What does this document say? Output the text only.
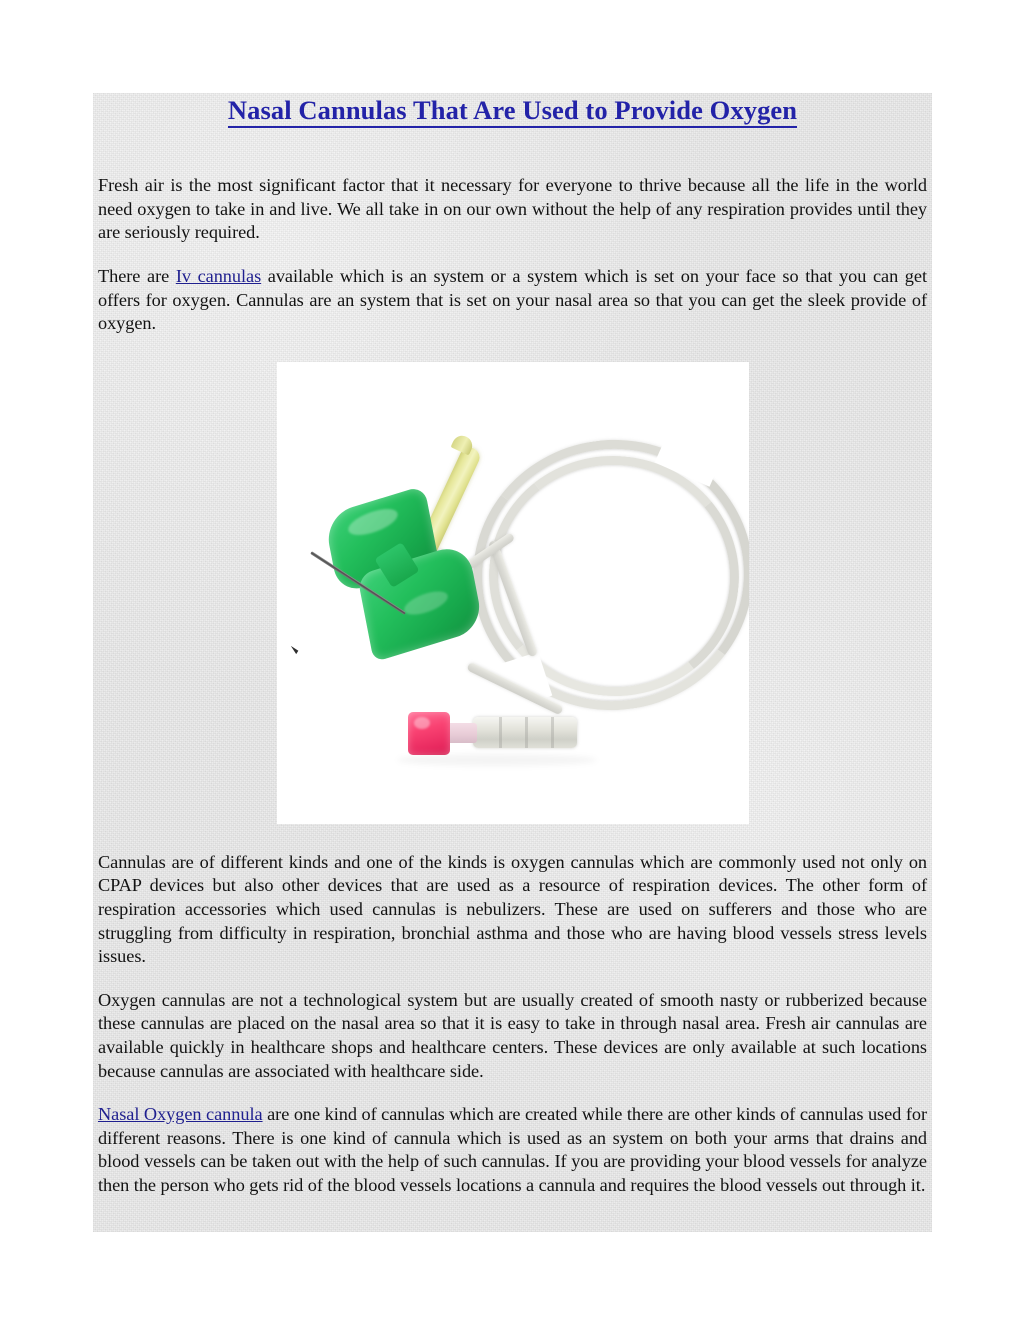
Nasal Cannulas That Are Used to Provide Oxygen

Fresh air is the most significant factor that it necessary for everyone to thrive because all the life in the world need oxygen to take in and live. We all take in on our own without the help of any respiration provides until they are seriously required.

There are Iv cannulas available which is an system or a system which is set on your face so that you can get offers for oxygen. Cannulas are an system that is set on your nasal area so that you can get the sleek provide of oxygen.

Cannulas are of different kinds and one of the kinds is oxygen cannulas which are commonly used not only on CPAP devices but also other devices that are used as a resource of respiration devices. The other form of respiration accessories which used cannulas is nebulizers. These are used on sufferers and those who are struggling from difficulty in respiration, bronchial asthma and those who are having blood vessels stress levels issues.

Oxygen cannulas are not a technological system but are usually created of smooth nasty or rubberized because these cannulas are placed on the nasal area so that it is easy to take in through nasal area. Fresh air cannulas are available quickly in healthcare shops and healthcare centers. These devices are only available at such locations because cannulas are associated with healthcare side.

Nasal Oxygen cannula are one kind of cannulas which are created while there are other kinds of cannulas used for different reasons. There is one kind of cannula which is used as an system on both your arms that drains and blood vessels can be taken out with the help of such cannulas. If you are providing your blood vessels for analyze then the person who gets rid of the blood vessels locations a cannula and requires the blood vessels out through it.
